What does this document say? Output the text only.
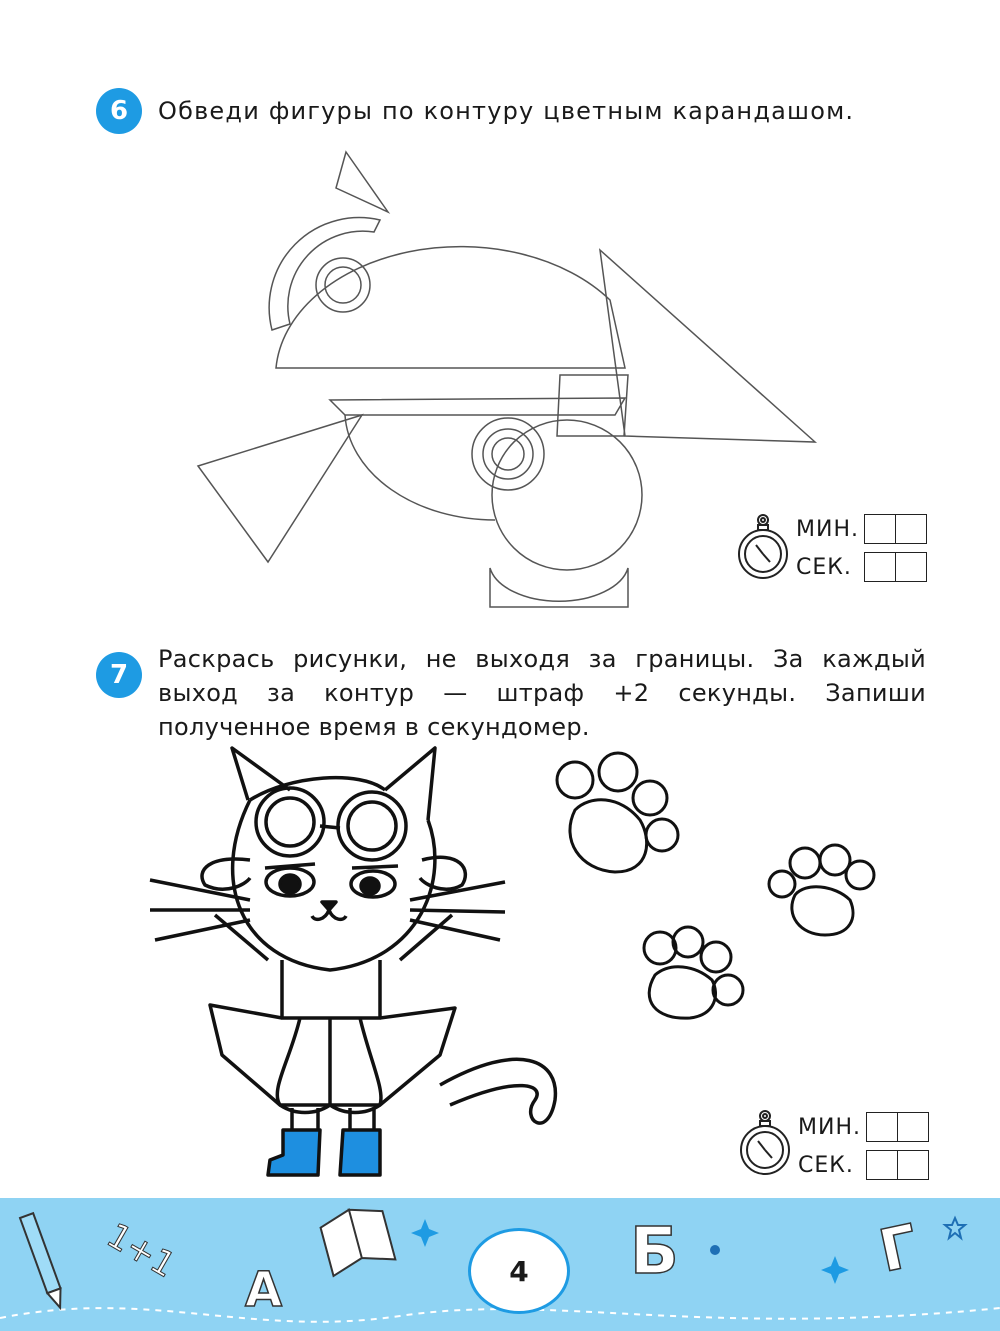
6	Обведи фигуры по контуру цветным карандашом.
МИН.
СЕК.
7
Раскрась рисунки, не выходя за границы. За каждый выход за контур — штраф +2 секунды. Запиши полученное время в секундомер.
МИН.
СЕК.
1+1
А
Б	Г
4
